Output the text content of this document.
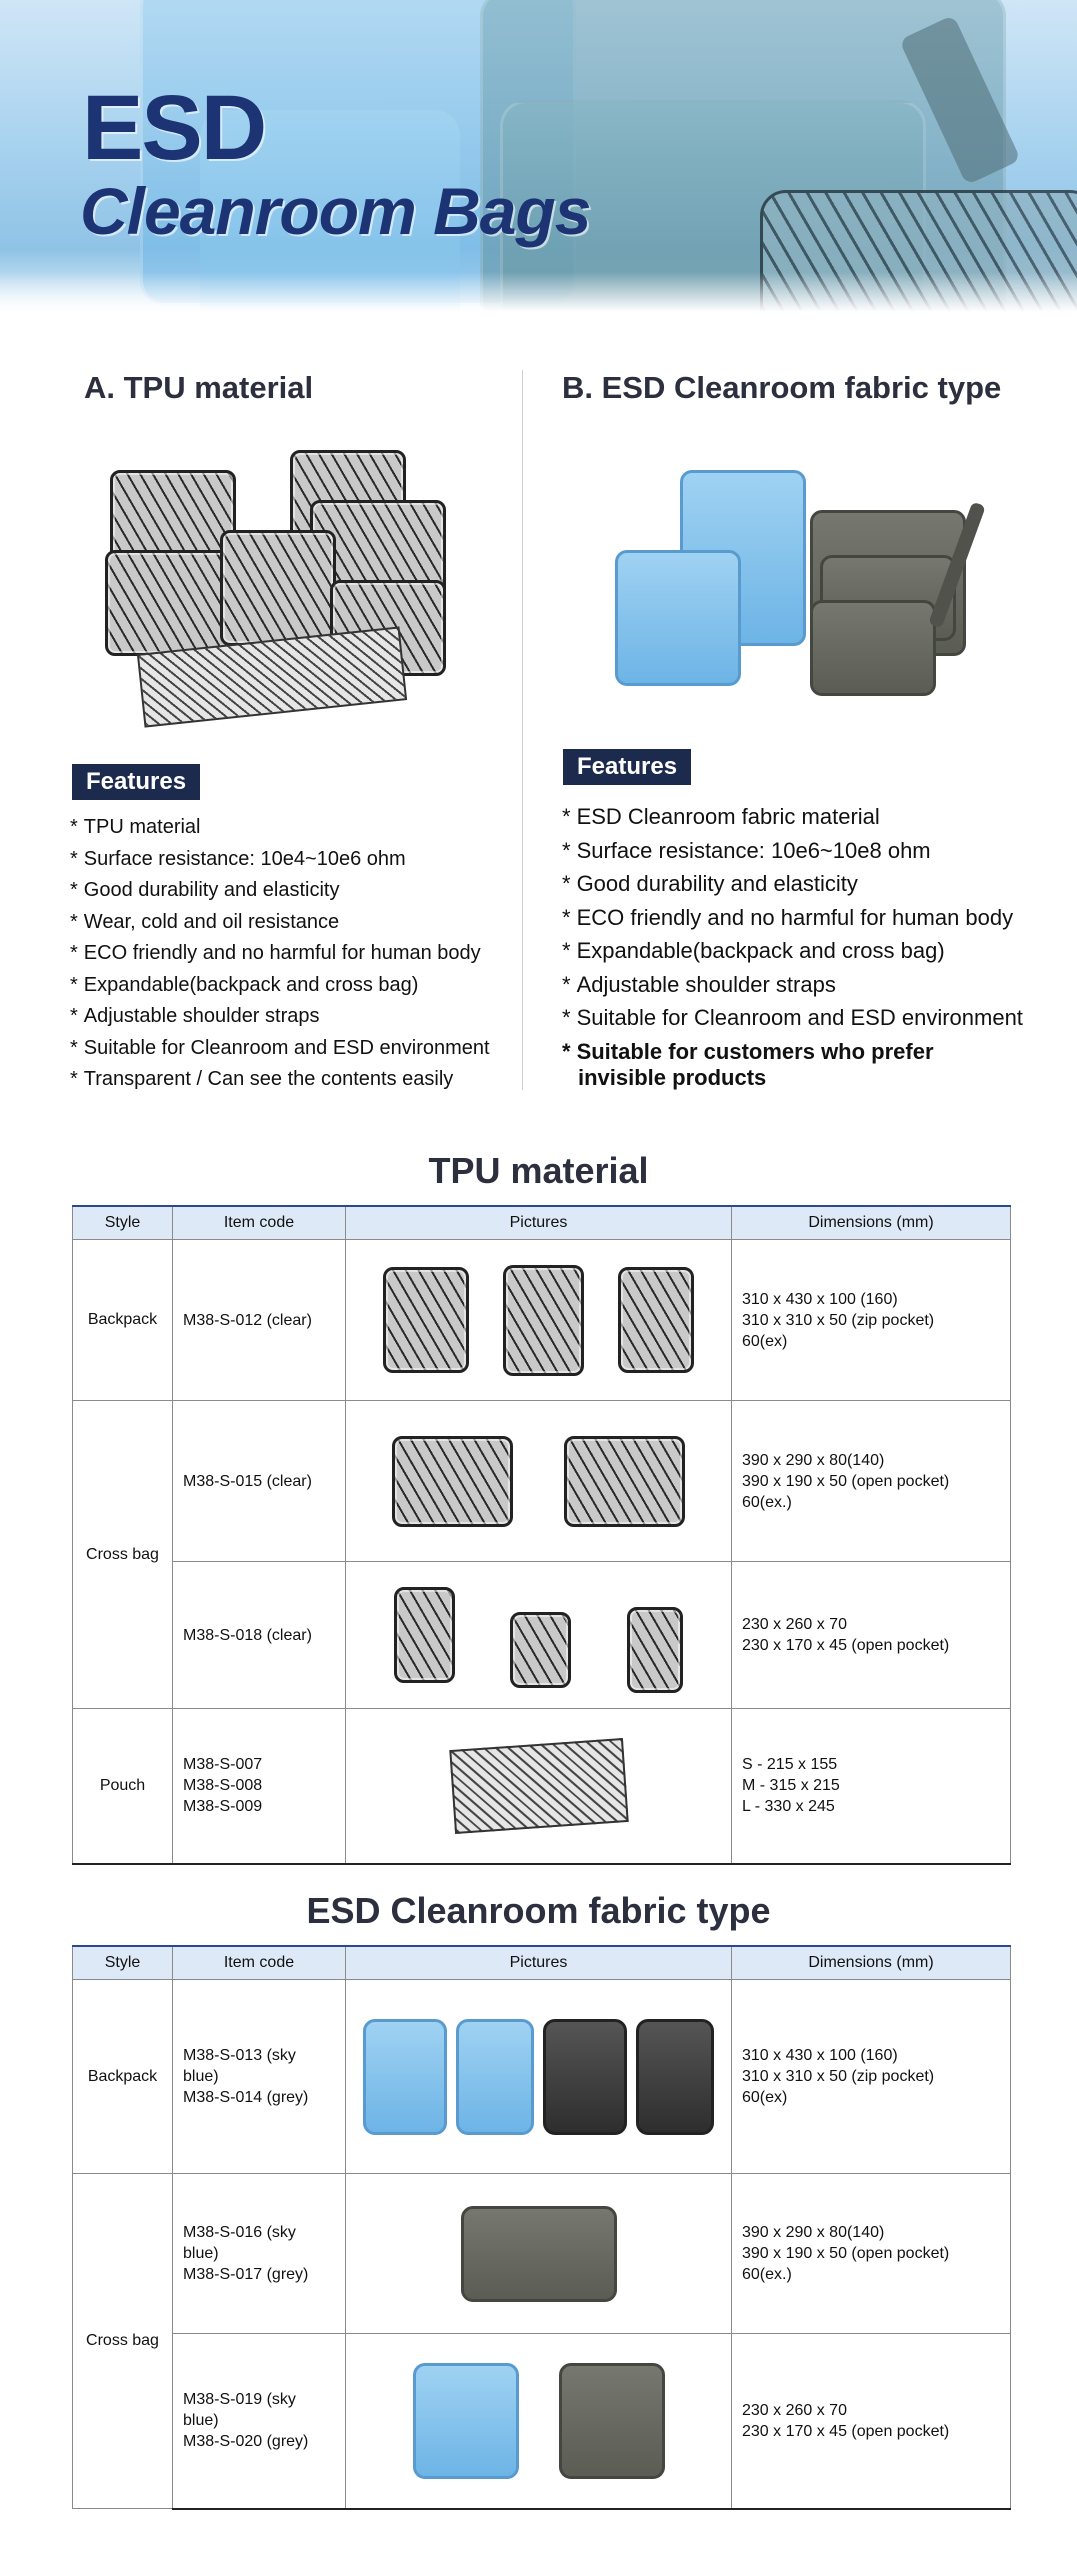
ESD
Cleanroom Bags
A. TPU material
Features
* TPU material
* Surface resistance: 10e4~10e6 ohm
* Good durability and elasticity
* Wear, cold and oil resistance
* ECO friendly and no harmful for human body
* Expandable(backpack and cross bag)
* Adjustable shoulder straps
* Suitable for Cleanroom and ESD environment
* Transparent / Can see the contents easily
B. ESD Cleanroom fabric type
Features
* ESD Cleanroom fabric material
* Surface resistance: 10e6~10e8 ohm
* Good durability and elasticity
* ECO friendly and no harmful for human body
* Expandable(backpack and cross bag)
* Adjustable shoulder straps
* Suitable for Cleanroom and ESD environment
* Suitable for customers who prefer
invisible products
TPU material
Style	Item code	Pictures	Dimensions (mm)
Backpack	M38-S-012 (clear)		310 x 430 x 100 (160)
310 x 310 x 50 (zip pocket)
60(ex)
Cross bag	M38-S-015 (clear)		390 x 290 x 80(140)
390 x 190 x 50 (open pocket)
60(ex.)
	M38-S-018 (clear)		230 x 260 x 70
230 x 170 x 45 (open pocket)
Pouch	M38-S-007
M38-S-008
M38-S-009		S - 215 x 155
M - 315 x 215
L - 330 x 245
ESD Cleanroom fabric type
Style	Item code	Pictures	Dimensions (mm)
Backpack	M38-S-013 (sky blue)
M38-S-014 (grey)		310 x 430 x 100 (160)
310 x 310 x 50 (zip pocket)
60(ex)
Cross bag	M38-S-016 (sky blue)
M38-S-017 (grey)		390 x 290 x 80(140)
390 x 190 x 50 (open pocket)
60(ex.)
	M38-S-019 (sky blue)
M38-S-020 (grey)		230 x 260 x 70
230 x 170 x 45 (open pocket)
